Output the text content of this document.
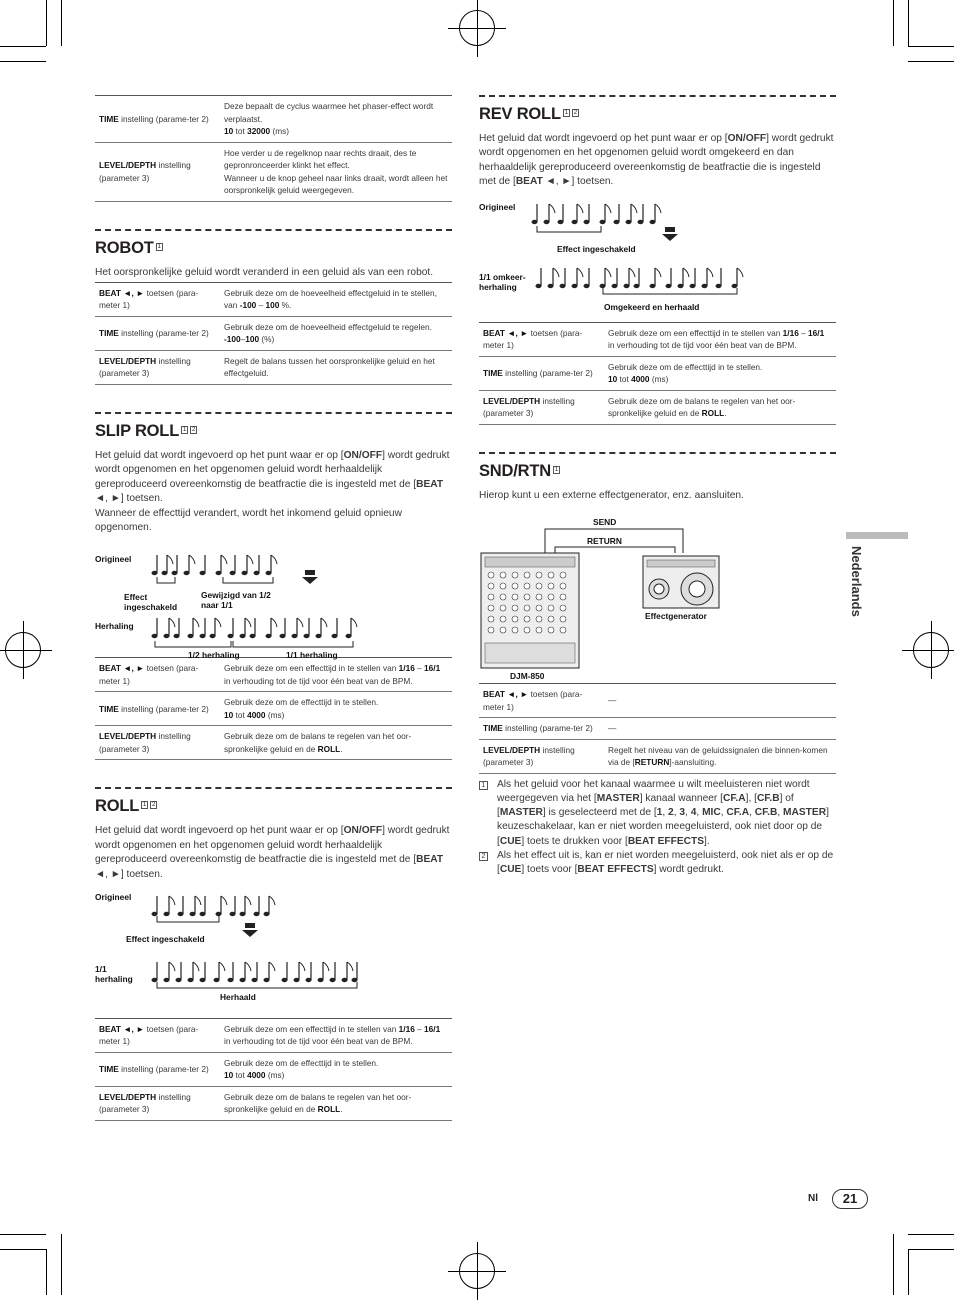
TIME instelling (parame-ter 2)	Deze bepaalt de cyclus waarmee het phaser-effect wordt verplaatst.
10 tot 32000 (ms)

LEVEL/DEPTH instelling (parameter 3)	Hoe verder u de regelknop naar rechts draait, des te gepronronceerder klinkt het effect.
Wanneer u de knop geheel naar links draait, wordt alleen het oorspronkelijk geluid weergegeven.
ROBOT 1

Het oorspronkelijke geluid wordt veranderd in een geluid als van een robot.

BEAT ◄, ► toetsen (para-meter 1)	Gebruik deze om de hoeveelheid effectgeluid in te stellen, van -100 – 100 %.
TIME instelling (parame-ter 2)	Gebruik deze om de hoeveelheid effectgeluid te regelen.
-100–100 (%)
LEVEL/DEPTH instelling (parameter 3)	Regelt de balans tussen het oorspronkelijke geluid en het effectgeluid.
SLIP ROLL 1 2

Het geluid dat wordt ingevoerd op het punt waar er op [ON/OFF] wordt gedrukt wordt opgenomen en het opgenomen geluid wordt herhaaldelijk gereproduceerd overeenkomstig de beatfractie die is ingesteld met de [BEAT ◄, ►] toetsen.
Wanneer de effecttijd verandert, wordt het inkomend geluid opnieuw opgenomen.

Origineel
Effect ingeschakeld
Gewijzigd van 1/2 naar 1/1
Herhaling
1/2 herhaling	1/1 herhaling
BEAT ◄, ► toetsen (para-meter 1)	Gebruik deze om een effecttijd in te stellen van 1/16 – 16/1 in verhouding tot de tijd voor één beat van de BPM.
TIME instelling (parame-ter 2)	Gebruik deze om de effecttijd in te stellen.
10 tot 4000 (ms)
LEVEL/DEPTH instelling (parameter 3)	Gebruik deze om de balans te regelen van het oor-spronkelijke geluid en de ROLL.
ROLL 1 2

Het geluid dat wordt ingevoerd op het punt waar er op [ON/OFF] wordt gedrukt wordt opgenomen en het opgenomen geluid wordt herhaaldelijk gereproduceerd overeenkomstig de beatfractie die is ingesteld met de [BEAT ◄, ►] toetsen.

Origineel
Effect ingeschakeld
1/1 herhaling
Herhaald
BEAT ◄, ► toetsen (para-meter 1)	Gebruik deze om een effecttijd in te stellen van 1/16 – 16/1 in verhouding tot de tijd voor één beat van de BPM.
TIME instelling (parame-ter 2)	Gebruik deze om de effecttijd in te stellen.
10 tot 4000 (ms)
LEVEL/DEPTH instelling (parameter 3)	Gebruik deze om de balans te regelen van het oor-spronkelijke geluid en de ROLL.
REV ROLL 1 2

Het geluid dat wordt ingevoerd op het punt waar er op [ON/OFF] wordt gedrukt wordt opgenomen en het opgenomen geluid wordt omgekeerd en dan herhaaldelijk gereproduceerd overeenkomstig de beatfractie die is ingesteld met de [BEAT ◄, ►] toetsen.

Origineel
Effect ingeschakeld
1/1 omkeer-herhaling
Omgekeerd en herhaald
BEAT ◄, ► toetsen (para-meter 1)	Gebruik deze om een effecttijd in te stellen van 1/16 – 16/1 in verhouding tot de tijd voor één beat van de BPM.
TIME instelling (parame-ter 2)	Gebruik deze om de effecttijd in te stellen.
10 tot 4000 (ms)
LEVEL/DEPTH instelling (parameter 3)	Gebruik deze om de balans te regelen van het oor-spronkelijke geluid en de ROLL.
SND/RTN 1

Hierop kunt u een externe effectgenerator, enz. aansluiten.

SEND
RETURN
DJM-850
Effectgenerator
BEAT ◄, ► toetsen (para-meter 1)	—
TIME instelling (parame-ter 2)	—
LEVEL/DEPTH instelling (parameter 3)	Regelt het niveau van de geluidssignalen die binnen-komen via de [RETURN]-aansluiting.
1 Als het geluid voor het kanaal waarmee u wilt meeluisteren niet wordt weergegeven via het [MASTER] kanaal wanneer [CF.A], [CF.B] of [MASTER] is geselecteerd met de [1, 2, 3, 4, MIC, CF.A, CF.B, MASTER] keuzeschakelaar, kan er niet worden meegeluisterd, ook niet door op de [CUE] toets te drukken voor [BEAT EFFECTS].
2 Als het effect uit is, kan er niet worden meegeluisterd, ook niet als er op de [CUE] toets voor [BEAT EFFECTS] wordt gedrukt.
Nederlands
Nl	21
